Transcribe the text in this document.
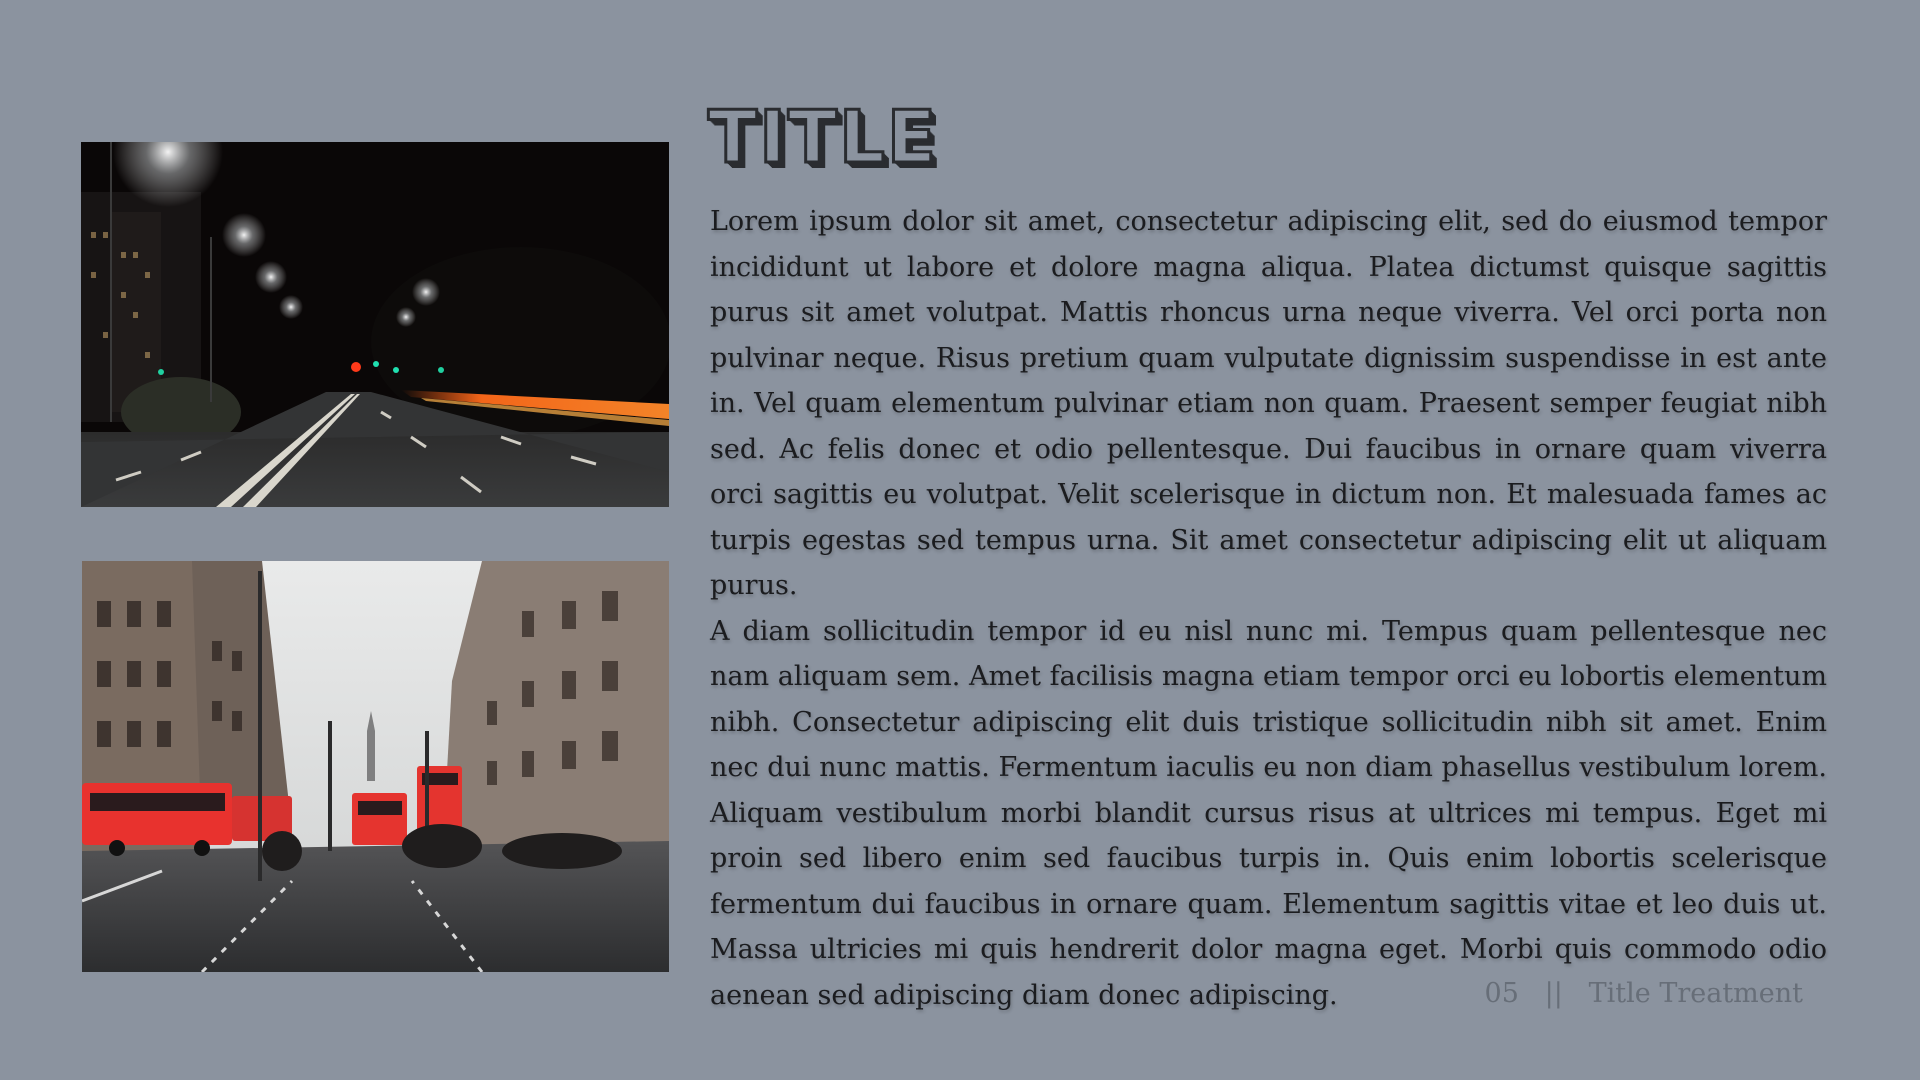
TITLE

Lorem ipsum dolor sit amet, consectetur adipiscing elit, sed do eiusmod tempor incididunt ut labore et dolore magna aliqua. Platea dictumst quisque sagittis purus sit amet volutpat. Mattis rhoncus urna neque viverra. Vel orci porta non pulvinar neque. Risus pretium quam vulputate dignissim suspendisse in est ante in. Vel quam elementum pulvinar etiam non quam. Praesent semper feugiat nibh sed. Ac felis donec et odio pellentesque. Dui faucibus in ornare quam viverra orci sagittis eu volutpat. Velit scelerisque in dictum non. Et malesuada fames ac turpis egestas sed tempus urna. Sit amet consectetur adipiscing elit ut aliquam purus.

A diam sollicitudin tempor id eu nisl nunc mi. Tempus quam pellentesque nec nam aliquam sem. Amet facilisis magna etiam tempor orci eu lobortis elementum nibh. Consectetur adipiscing elit duis tristique sollicitudin nibh sit amet. Enim nec dui nunc mattis. Fermentum iaculis eu non diam phasellus vestibulum lorem. Aliquam vestibulum morbi blandit cursus risus at ultrices mi tempus. Eget mi proin sed libero enim sed faucibus turpis in. Quis enim lobortis scelerisque fermentum dui faucibus in ornare quam. Elementum sagittis vitae et leo duis ut. Massa ultricies mi quis hendrerit dolor magna eget. Morbi quis commodo odio aenean sed adipiscing diam donec adipiscing.	05 || Title Treatment
